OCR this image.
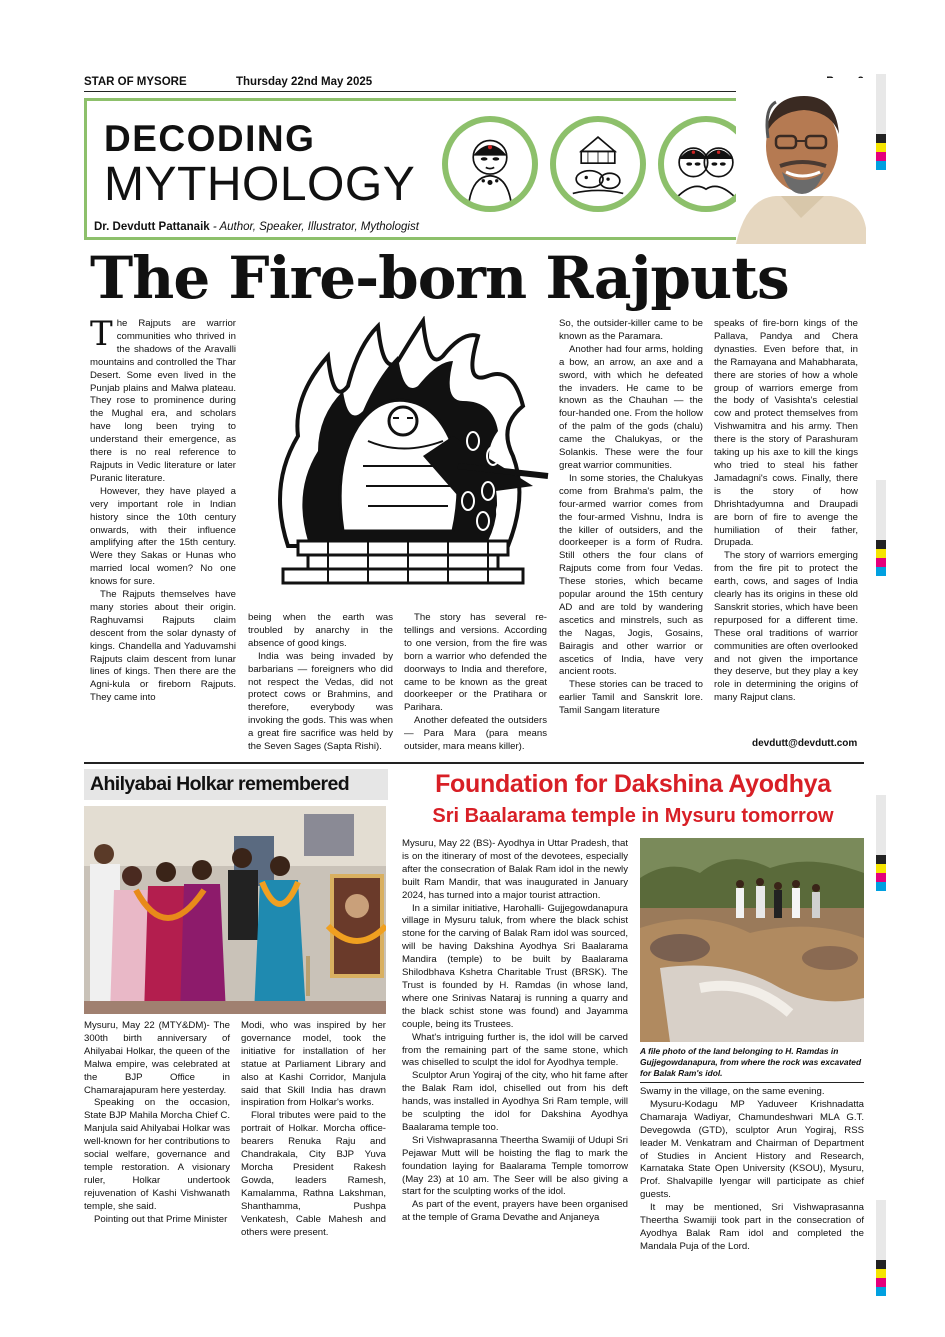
STAR OF MYSORE	Thursday 22nd May 2025
DECODING
MYTHOLOGY
Dr. Devdutt Pattanaik - Author, Speaker, Illustrator, Mythologist
The Fire-born Rajputs

The Rajputs are warrior communities who thrived in the shadows of the Aravalli mountains and controlled the Thar Desert. Some even lived in the Punjab plains and Malwa plateau. They rose to prominence during the Mughal era, and scholars have long been trying to understand their emergence, as there is no real reference to Rajputs in Vedic literature or later Puranic literature.

However, they have played a very important role in Indian history since the 10th century onwards, with their influence amplifying after the 15th century. Were they Sakas or Hunas who married local women? No one knows for sure.

The Rajputs themselves have many stories about their origin. Raghuvamsi Rajputs claim descent from the solar dynasty of kings. Chandella and Yaduvamshi Rajputs claim descent from lunar lines of kings. Then there are the Agni-kula or fireborn Rajputs. They came into

being when the earth was troubled by anarchy in the absence of good kings.

India was being invaded by barbarians — foreigners who did not respect the Vedas, did not protect cows or Brahmins, and therefore, everybody was invoking the gods. This was when a great fire sacrifice was held by the Seven Sages (Sapta Rishi).

The story has several re-tellings and versions. According to one version, from the fire was born a warrior who defended the doorways to India and therefore, came to be known as the great doorkeeper or the Pratihara or Parihara.

Another defeated the outsiders — Para Mara (para means outsider, mara means killer).

So, the outsider-killer came to be known as the Paramara.

Another had four arms, holding a bow, an arrow, an axe and a sword, with which he defeated the invaders. He came to be known as the Chauhan — the four-handed one. From the hollow of the palm of the gods (chalu) came the Chalukyas, or the Solankis. These were the four great warrior communities.

In some stories, the Chalukyas come from Brahma's palm, the four-armed warrior comes from the four-armed Vishnu, Indra is the killer of outsiders, and the doorkeeper is a form of Rudra. Still others the four clans of Rajputs come from four Vedas. These stories, which became popular around the 15th century AD and are told by wandering ascetics and minstrels, such as the Nagas, Jogis, Gosains, Bairagis and other warrior or ascetics of India, have very ancient roots.

These stories can be traced to earlier Tamil and Sanskrit lore. Tamil Sangam literature

speaks of fire-born kings of the Pallava, Pandya and Chera dynasties. Even before that, in the Ramayana and Mahabharata, there are stories of how a whole group of warriors emerge from the body of Vasishta's celestial cow and protect themselves from Vishwamitra and his army. Then there is the story of Parashuram taking up his axe to kill the kings who tried to steal his father Jamadagni's cows. Finally, there is the story of how Dhrishtadyumna and Draupadi are born of fire to avenge the humiliation of their father, Drupada.

The story of warriors emerging from the fire pit to protect the earth, cows, and sages of India clearly has its origins in these old Sanskrit stories, which have been repurposed for a different time. These oral traditions of warrior communities are often overlooked and not given the importance they deserve, but they play a key role in determining the origins of many Rajput clans.

devdutt@devdutt.com
Ahilyabai Holkar remembered

Mysuru, May 22 (MTY&DM)- The 300th birth anniversary of Ahilyabai Holkar, the queen of the Malwa empire, was celebrated at the BJP Office in Chamarajapuram here yesterday.

Speaking on the occasion, State BJP Mahila Morcha Chief C. Manjula said Ahilyabai Holkar was well-known for her contributions to social welfare, governance and temple restoration. A visionary ruler, Holkar undertook rejuvenation of Kashi Vishwanath temple, she said.

Pointing out that Prime Minister

Modi, who was inspired by her governance model, took the initiative for installation of her statue at Parliament Library and also at Kashi Corridor, Manjula said that Skill India has drawn inspiration from Holkar's works.

Floral tributes were paid to the portrait of Holkar. Morcha office-bearers Renuka Raju and Chandrakala, City BJP Yuva Morcha President Rakesh Gowda, leaders Ramesh, Kamalamma, Rathna Lakshman, Shanthamma, Pushpa Venkatesh, Cable Mahesh and others were present.

Foundation for Dakshina Ayodhya
Sri Baalarama temple in Mysuru tomorrow

Mysuru, May 22 (BS)- Ayodhya in Uttar Pradesh, that is on the itinerary of most of the devotees, especially after the consecration of Balak Ram idol in the newly built Ram Mandir, that was inaugurated in January 2024, has turned into a major tourist attraction.

In a similar initiative, Harohalli- Gujjegowdanapura village in Mysuru taluk, from where the black schist stone for the carving of Balak Ram idol was sourced, will be having Dakshina Ayodhya Sri Baalarama Mandira (temple) to be built by Baalarama Shilodbhava Kshetra Charitable Trust (BRSK). The Trust is founded by H. Ramdas (in whose land, where one Srinivas Nataraj is running a quarry and the black schist stone was found) and Jayamma couple, being its Trustees.

What's intriguing further is, the idol will be carved from the remaining part of the same stone, which was chiselled to sculpt the idol for Ayodhya temple.

Sculptor Arun Yogiraj of the city, who hit fame after the Balak Ram idol, chiselled out from his deft hands, was installed in Ayodhya Sri Ram temple, will be sculpting the idol for Dakshina Ayodhya Baalarama temple too.

Sri Vishwaprasanna Theertha Swamiji of Udupi Sri Pejawar Mutt will be hoisting the flag to mark the foundation laying for Baalarama Temple tomorrow (May 23) at 10 am. The Seer will be also giving a start for the sculpting works of the idol.

As part of the event, prayers have been organised at the temple of Grama Devathe and Anjaneya

A file photo of the land belonging to H. Ramdas in Gujjegowdanapura, from where the rock was excavated for Balak Ram's idol.

Swamy in the village, on the same evening.

Mysuru-Kodagu MP Yaduveer Krishnadatta Chamaraja Wadiyar, Chamundeshwari MLA G.T. Devegowda (GTD), sculptor Arun Yogiraj, RSS leader M. Venkatram and Chairman of Department of Studies in Ancient History and Research, Karnataka State Open University (KSOU), Mysuru, Prof. Shalvapille Iyengar will participate as chief guests.

It may be mentioned, Sri Vishwaprasanna Theertha Swamiji took part in the consecration of Ayodhya Balak Ram idol and completed the Mandala Puja of the Lord.
